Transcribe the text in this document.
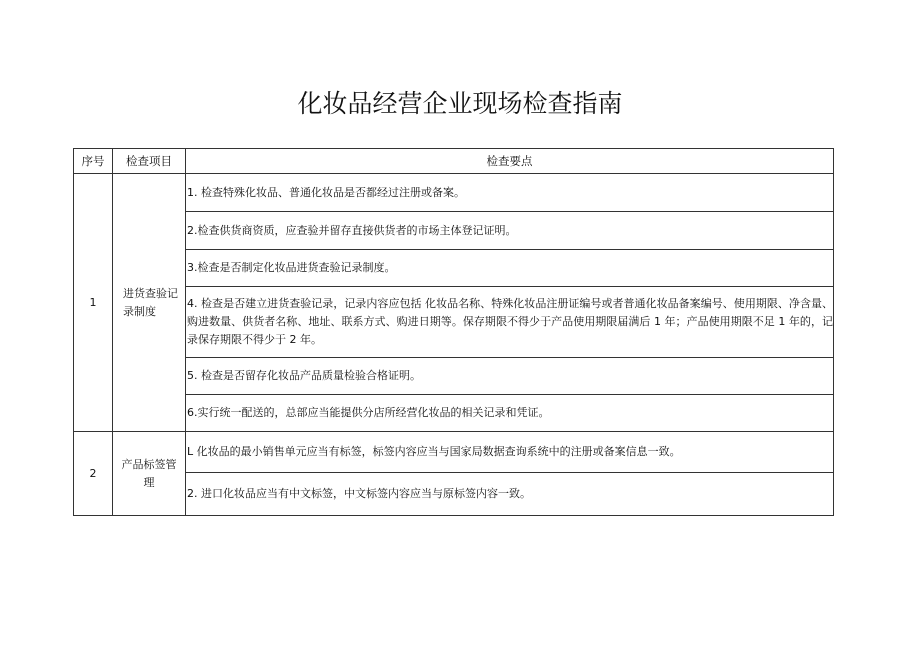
化妆品经营企业现场检查指南
序号	检查项目	检查要点
1	进货查验记录制度	1. 检查特殊化妆品、普通化妆品是否都经过注册或备案。
		2.检查供货商资质，应查验并留存直接供货者的市场主体登记证明。
		3.检查是否制定化妆品进货查验记录制度。
		4. 检查是否建立进货查验记录，记录内容应包括 化妆品名称、特殊化妆品注册证编号或者普通化妆品备案编号、使用期限、净含量、购进数量、供货者名称、地址、联系方式、购进日期等。保存期限不得少于产品使用期限届满后 1 年；产品使用期限不足 1 年的，记录保存期限不得少于 2 年。
		5. 检查是否留存化妆品产品质量检验合格证明。
		6.实行统一配送的，总部应当能提供分店所经营化妆品的相关记录和凭证。
2	产品标签管理	L 化妆品的最小销售单元应当有标签，标签内容应当与国家局数据查询系统中的注册或备案信息一致。
		2. 进口化妆品应当有中文标签，中文标签内容应当与原标签内容一致。
